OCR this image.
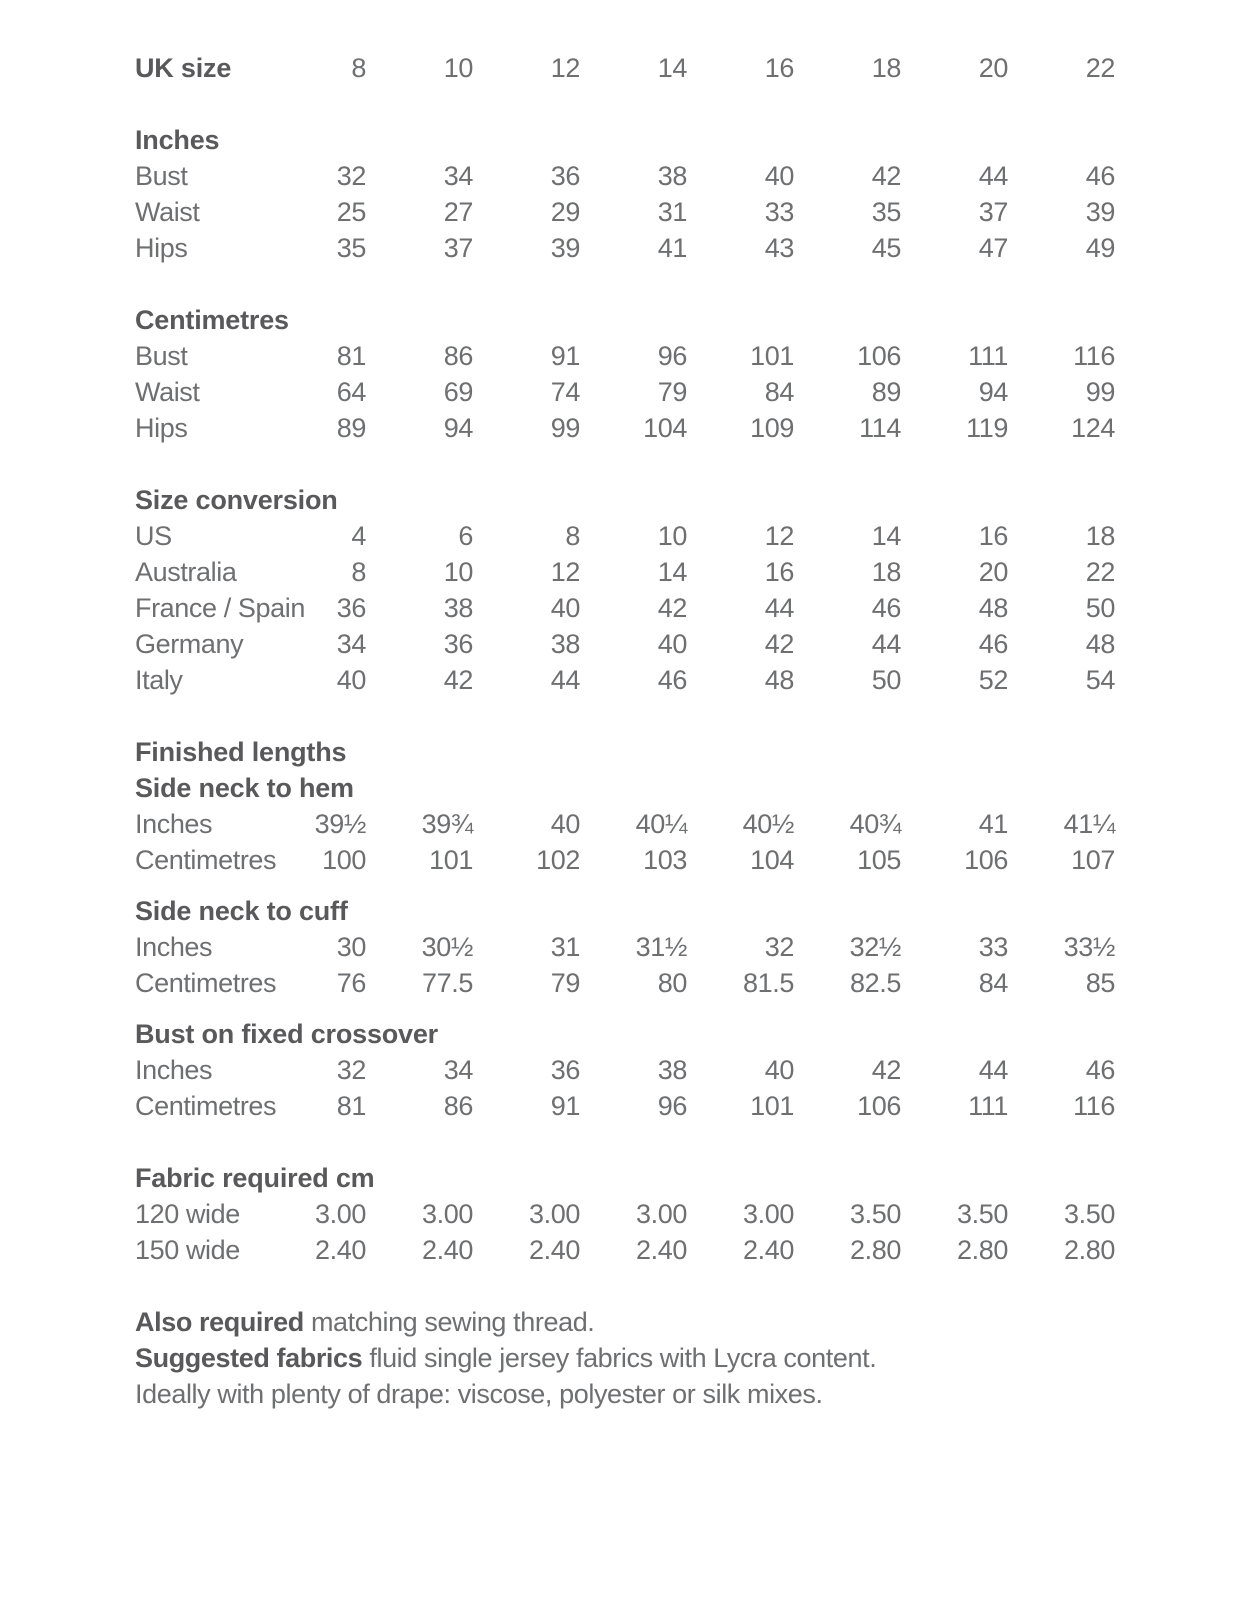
UK size	8	10	12	14	16	18	20	22

Inches								
Bust	32	34	36	38	40	42	44	46
Waist	25	27	29	31	33	35	37	39
Hips	35	37	39	41	43	45	47	49

Centimetres								
Bust	81	86	91	96	101	106	111	116
Waist	64	69	74	79	84	89	94	99
Hips	89	94	99	104	109	114	119	124

Size conversion								
US	4	6	8	10	12	14	16	18
Australia	8	10	12	14	16	18	20	22
France / Spain	36	38	40	42	44	46	48	50
Germany	34	36	38	40	42	44	46	48
Italy	40	42	44	46	48	50	52	54

Finished lengths								
Side neck to hem								
Inches	39½	39¾	40	40¼	40½	40¾	41	41¼
Centimetres	100	101	102	103	104	105	106	107

Side neck to cuff								
Inches	30	30½	31	31½	32	32½	33	33½
Centimetres	76	77.5	79	80	81.5	82.5	84	85

Bust on fixed crossover								
Inches	32	34	36	38	40	42	44	46
Centimetres	81	86	91	96	101	106	111	116

Fabric required cm								
120 wide	3.00	3.00	3.00	3.00	3.00	3.50	3.50	3.50
150 wide	2.40	2.40	2.40	2.40	2.40	2.80	2.80	2.80
Also required matching sewing thread.
Suggested fabrics fluid single jersey fabrics with Lycra content.
Ideally with plenty of drape: viscose, polyester or silk mixes.
